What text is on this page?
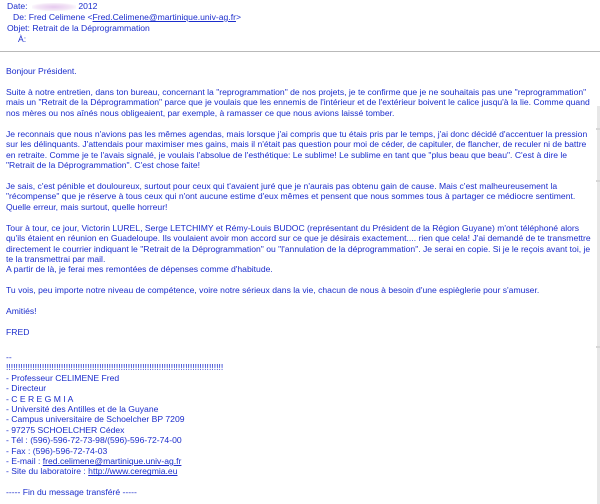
Date:	2012
De: Fred Celimene <Fred.Celimene@martinique.univ-ag.fr>
Objet: Retrait de la Déprogrammation
À:

Bonjour Président.

Suite à notre entretien, dans ton bureau, concernant la "reprogrammation" de nos projets, je te confirme que je ne souhaitais pas une "reprogrammation" mais un "Retrait de la Déprogrammation" parce que je voulais que les ennemis de l'intérieur et de l'extérieur boivent le calice jusqu'à la lie. Comme quand nos mères ou nos aînés nous obligeaient, par exemple, à ramasser ce que nous avions laissé tomber.

Je reconnais que nous n'avions pas les mêmes agendas, mais lorsque j'ai compris que tu étais pris par le temps, j'ai donc décidé d'accentuer la pression sur les délinquants. J'attendais pour maximiser mes gains, mais il n'était pas question pour moi de céder, de capituler, de flancher, de reculer ni de battre en retraite. Comme je te l'avais signalé, je voulais l'absolue de l'esthétique: Le sublime! Le sublime en tant que "plus beau que beau". C'est à dire le "Retrait de la Déprogrammation". C'est chose faite!

Je sais, c'est pénible et douloureux, surtout pour ceux qui t'avaient juré que je n'aurais pas obtenu gain de cause. Mais c'est malheureusement la "récompense" que je réserve à tous ceux qui n'ont aucune estime d'eux mêmes et pensent que nous sommes tous à partager ce médiocre sentiment. Quelle erreur, mais surtout, quelle horreur!

Tour à tour, ce jour, Victorin LUREL, Serge LETCHIMY et Rémy-Louis BUDOC (représentant du Président de la Région Guyane) m'ont téléphoné alors qu'ils étaient en réunion en Guadeloupe. Ils voulaient avoir mon accord sur ce que je désirais exactement.... rien que cela! J'ai demandé de te transmettre directement le courrier indiquant le "Retrait de la Déprogrammation" ou "l'annulation de la déprogrammation". Je serai en copie. Si je le reçois avant toi, je te la transmettrai par mail.

A partir de là, je ferai mes remontées de dépenses comme d'habitude.

Tu vois, peu importe notre niveau de compétence, voire notre sérieux dans la vie, chacun de nous à besoin d'une espièglerie pour s'amuser.

Amitiés!

FRED

--
!!!!!!!!!!!!!!!!!!!!!!!!!!!!!!!!!!!!!!!!!!!!!!!!!!!!!!!!!!!!!!!!!!!!!!!!!!!!!!!!!!!!!!!!!!!
- Professeur CELIMENE Fred
- Directeur
- C E R E G M I A
- Université des Antilles et de la Guyane
- Campus universitaire de Schoelcher BP 7209
- 97275 SCHOELCHER Cédex
- Tél : (596)-596-72-73-98/(596)-596-72-74-00
- Fax : (596)-596-72-74-03
- E-mail : fred.celimene@martinique.univ-ag.fr
- Site du laboratoire : http://www.ceregmia.eu
----- Fin du message transféré -----
